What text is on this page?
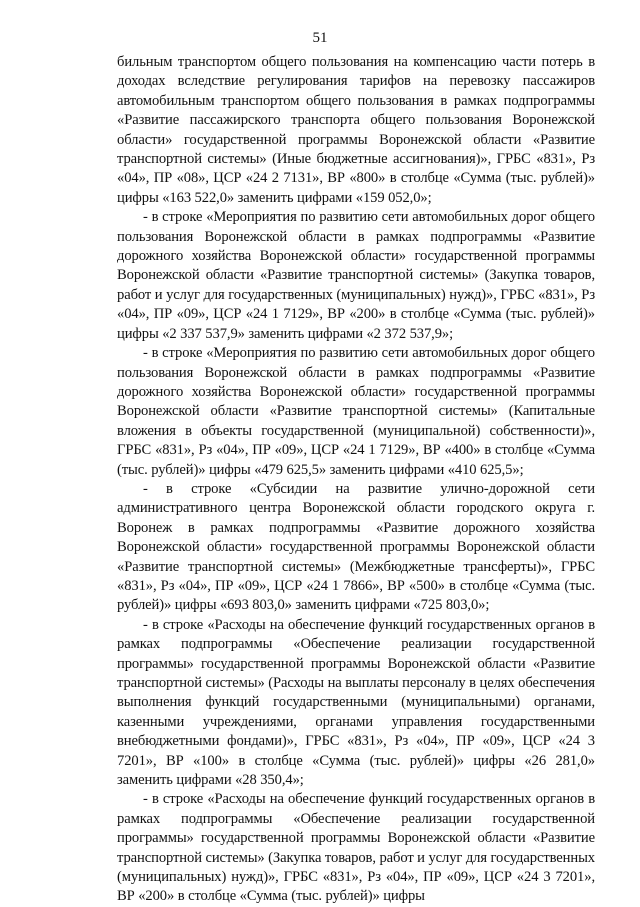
51

бильным транспортом общего пользования на компенсацию части потерь в доходах вследствие регулирования тарифов на перевозку пассажиров автомобильным транспортом общего пользования в рамках подпрограммы «Развитие пассажирского транспорта общего пользования Воронежской области» государственной программы Воронежской области «Развитие транспортной системы» (Иные бюджетные ассигнования)», ГРБС «831», Рз «04», ПР «08», ЦСР «24 2 7131», ВР «800» в столбце «Сумма (тыс. рублей)» цифры «163 522,0» заменить цифрами «159 052,0»;

- в строке «Мероприятия по развитию сети автомобильных дорог общего пользования Воронежской области в рамках подпрограммы «Развитие дорожного хозяйства Воронежской области» государственной программы Воронежской области «Развитие транспортной системы» (Закупка товаров, работ и услуг для государственных (муниципальных) нужд)», ГРБС «831», Рз «04», ПР «09», ЦСР «24 1 7129», ВР «200» в столбце «Сумма (тыс. рублей)» цифры «2 337 537,9» заменить цифрами «2 372 537,9»;

- в строке «Мероприятия по развитию сети автомобильных дорог общего пользования Воронежской области в рамках подпрограммы «Развитие дорожного хозяйства Воронежской области» государственной программы Воронежской области «Развитие транспортной системы» (Капитальные вложения в объекты государственной (муниципальной) собственности)», ГРБС «831», Рз «04», ПР «09», ЦСР «24 1 7129», ВР «400» в столбце «Сумма (тыс. рублей)» цифры «479 625,5» заменить цифрами «410 625,5»;

- в строке «Субсидии на развитие улично-дорожной сети административного центра Воронежской области городского округа г. Воронеж в рамках подпрограммы «Развитие дорожного хозяйства Воронежской области» государственной программы Воронежской области «Развитие транспортной системы» (Межбюджетные трансферты)», ГРБС «831», Рз «04», ПР «09», ЦСР «24 1 7866», ВР «500» в столбце «Сумма (тыс. рублей)» цифры «693 803,0» заменить цифрами «725 803,0»;

- в строке «Расходы на обеспечение функций государственных органов в рамках подпрограммы «Обеспечение реализации государственной программы» государственной программы Воронежской области «Развитие транспортной системы» (Расходы на выплаты персоналу в целях обеспечения выполнения функций государственными (муниципальными) органами, казенными учреждениями, органами управления государственными внебюджетными фондами)», ГРБС «831», Рз «04», ПР «09», ЦСР «24 3 7201», ВР «100» в столбце «Сумма (тыс. рублей)» цифры «26 281,0» заменить цифрами «28 350,4»;

- в строке «Расходы на обеспечение функций государственных органов в рамках подпрограммы «Обеспечение реализации государственной программы» государственной программы Воронежской области «Развитие транспортной системы» (Закупка товаров, работ и услуг для государственных (муниципальных) нужд)», ГРБС «831», Рз «04», ПР «09», ЦСР «24 3 7201», ВР «200» в столбце «Сумма (тыс. рублей)» цифры
